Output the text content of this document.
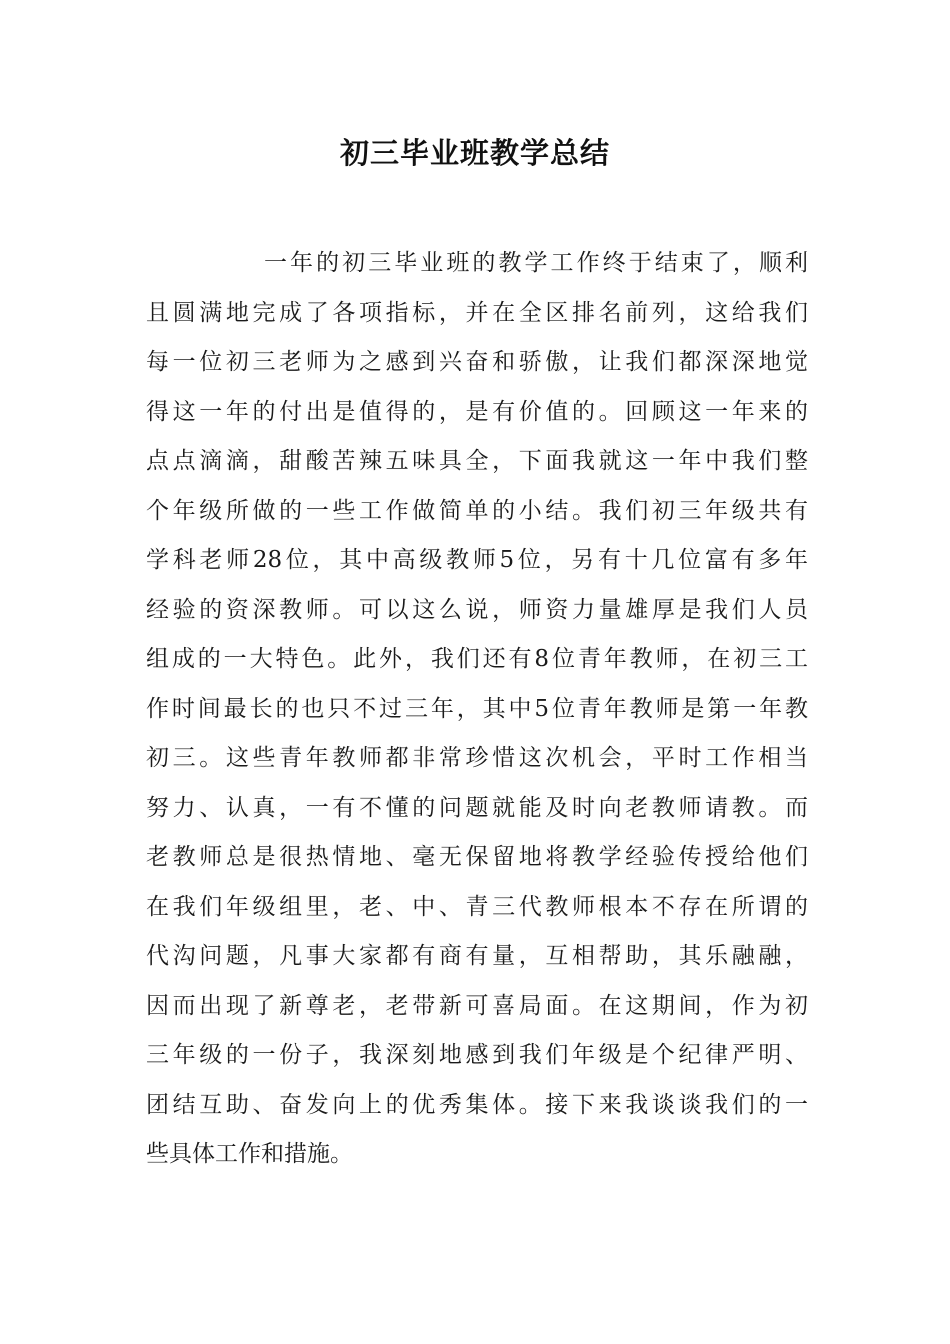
初三毕业班教学总结
一年的初三毕业班的教学工作终于结束了，顺利
且圆满地完成了各项指标，并在全区排名前列，这给我们
每一位初三老师为之感到兴奋和骄傲，让我们都深深地觉
得这一年的付出是值得的，是有价值的。回顾这一年来的
点点滴滴，甜酸苦辣五味具全，下面我就这一年中我们整
个年级所做的一些工作做简单的小结。我们初三年级共有
学科老师28位，其中高级教师5位，另有十几位富有多年
经验的资深教师。可以这么说，师资力量雄厚是我们人员
组成的一大特色。此外，我们还有8位青年教师，在初三工
作时间最长的也只不过三年，其中5位青年教师是第一年教
初三。这些青年教师都非常珍惜这次机会，平时工作相当
努力、认真，一有不懂的问题就能及时向老教师请教。而
老教师总是很热情地、毫无保留地将教学经验传授给他们
在我们年级组里，老、中、青三代教师根本不存在所谓的
代沟问题，凡事大家都有商有量，互相帮助，其乐融融，
因而出现了新尊老，老带新可喜局面。在这期间，作为初
三年级的一份子，我深刻地感到我们年级是个纪律严明、
团结互助、奋发向上的优秀集体。接下来我谈谈我们的一
些具体工作和措施。
